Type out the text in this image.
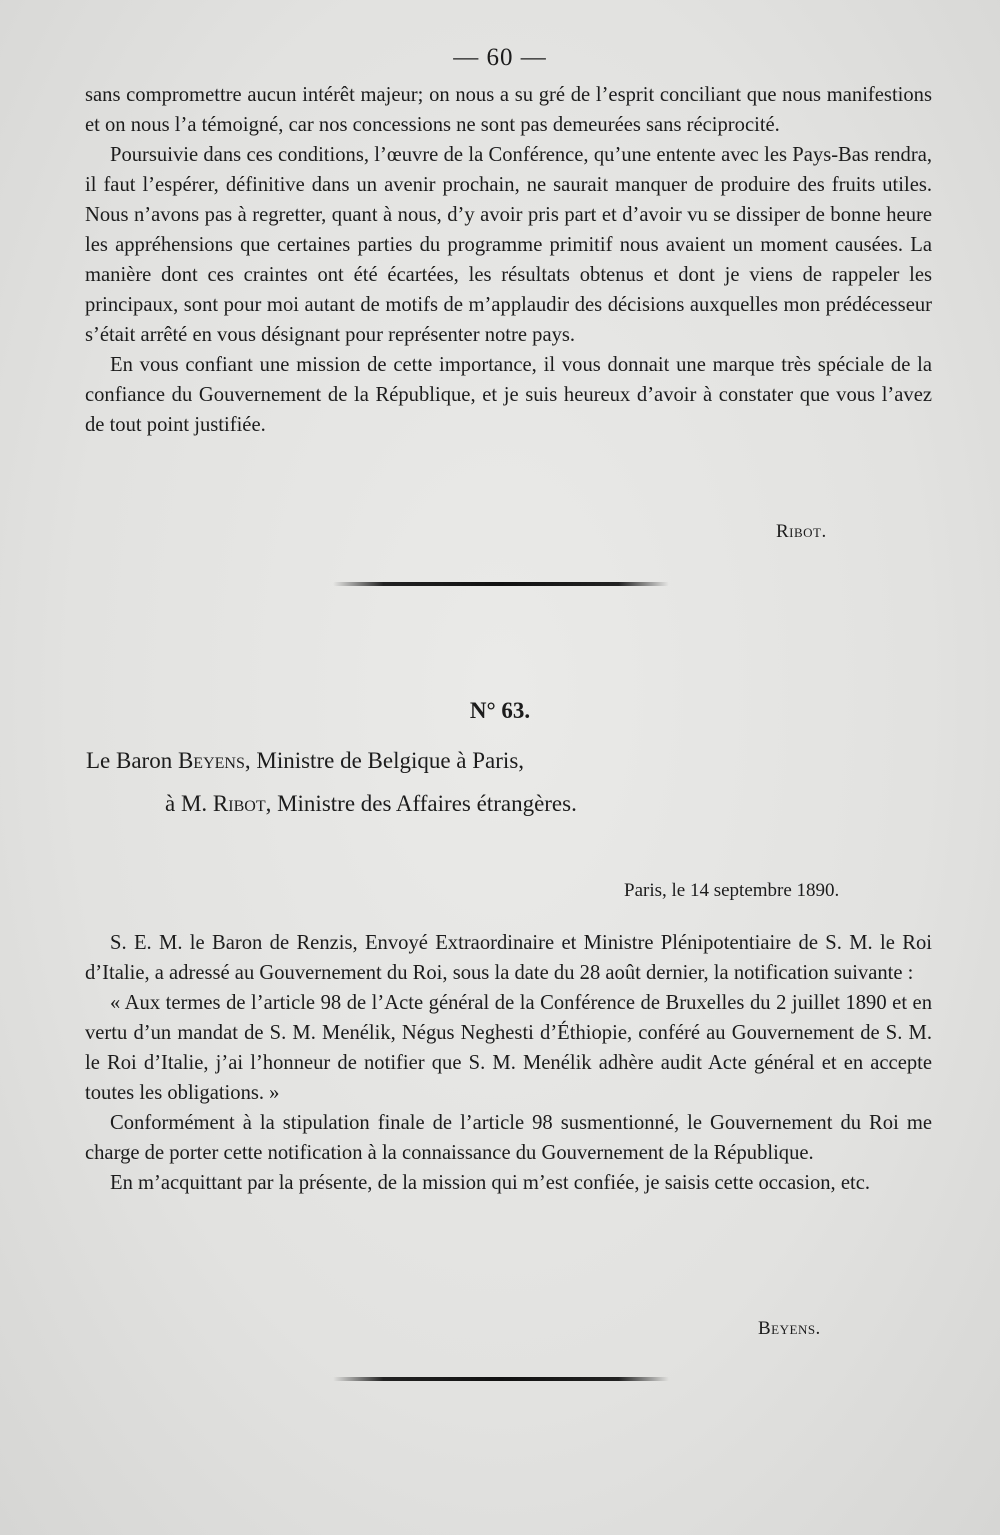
— 60 —

sans compromettre aucun intérêt majeur; on nous a su gré de l’esprit conciliant que nous manifestions et on nous l’a témoigné, car nos concessions ne sont pas demeurées sans réciprocité.

Poursuivie dans ces conditions, l’œuvre de la Conférence, qu’une entente avec les Pays-Bas rendra, il faut l’espérer, définitive dans un avenir prochain, ne saurait manquer de produire des fruits utiles. Nous n’avons pas à regretter, quant à nous, d’y avoir pris part et d’avoir vu se dissiper de bonne heure les appréhensions que certaines parties du programme primitif nous avaient un moment causées. La manière dont ces craintes ont été écartées, les résultats obtenus et dont je viens de rappeler les principaux, sont pour moi autant de motifs de m’applaudir des décisions auxquelles mon prédécesseur s’était arrêté en vous désignant pour représenter notre pays.

En vous confiant une mission de cette importance, il vous donnait une marque très spéciale de la confiance du Gouvernement de la République, et je suis heureux d’avoir à constater que vous l’avez de tout point justifiée.

Ribot.
N° 63.
Le Baron Beyens, Ministre de Belgique à Paris,
à M. Ribot, Ministre des Affaires étrangères.
Paris, le 14 septembre 1890.

S. E. M. le Baron de Renzis, Envoyé Extraordinaire et Ministre Plénipotentiaire de S. M. le Roi d’Italie, a adressé au Gouvernement du Roi, sous la date du 28 août dernier, la notification suivante :

« Aux termes de l’article 98 de l’Acte général de la Conférence de Bruxelles du 2 juillet 1890 et en vertu d’un mandat de S. M. Menélik, Négus Neghesti d’Éthiopie, conféré au Gouvernement de S. M. le Roi d’Italie, j’ai l’honneur de notifier que S. M. Menélik adhère audit Acte général et en accepte toutes les obligations. »

Conformément à la stipulation finale de l’article 98 susmentionné, le Gouvernement du Roi me charge de porter cette notification à la connaissance du Gouvernement de la République.

En m’acquittant par la présente, de la mission qui m’est confiée, je saisis cette occasion, etc.

Beyens.
